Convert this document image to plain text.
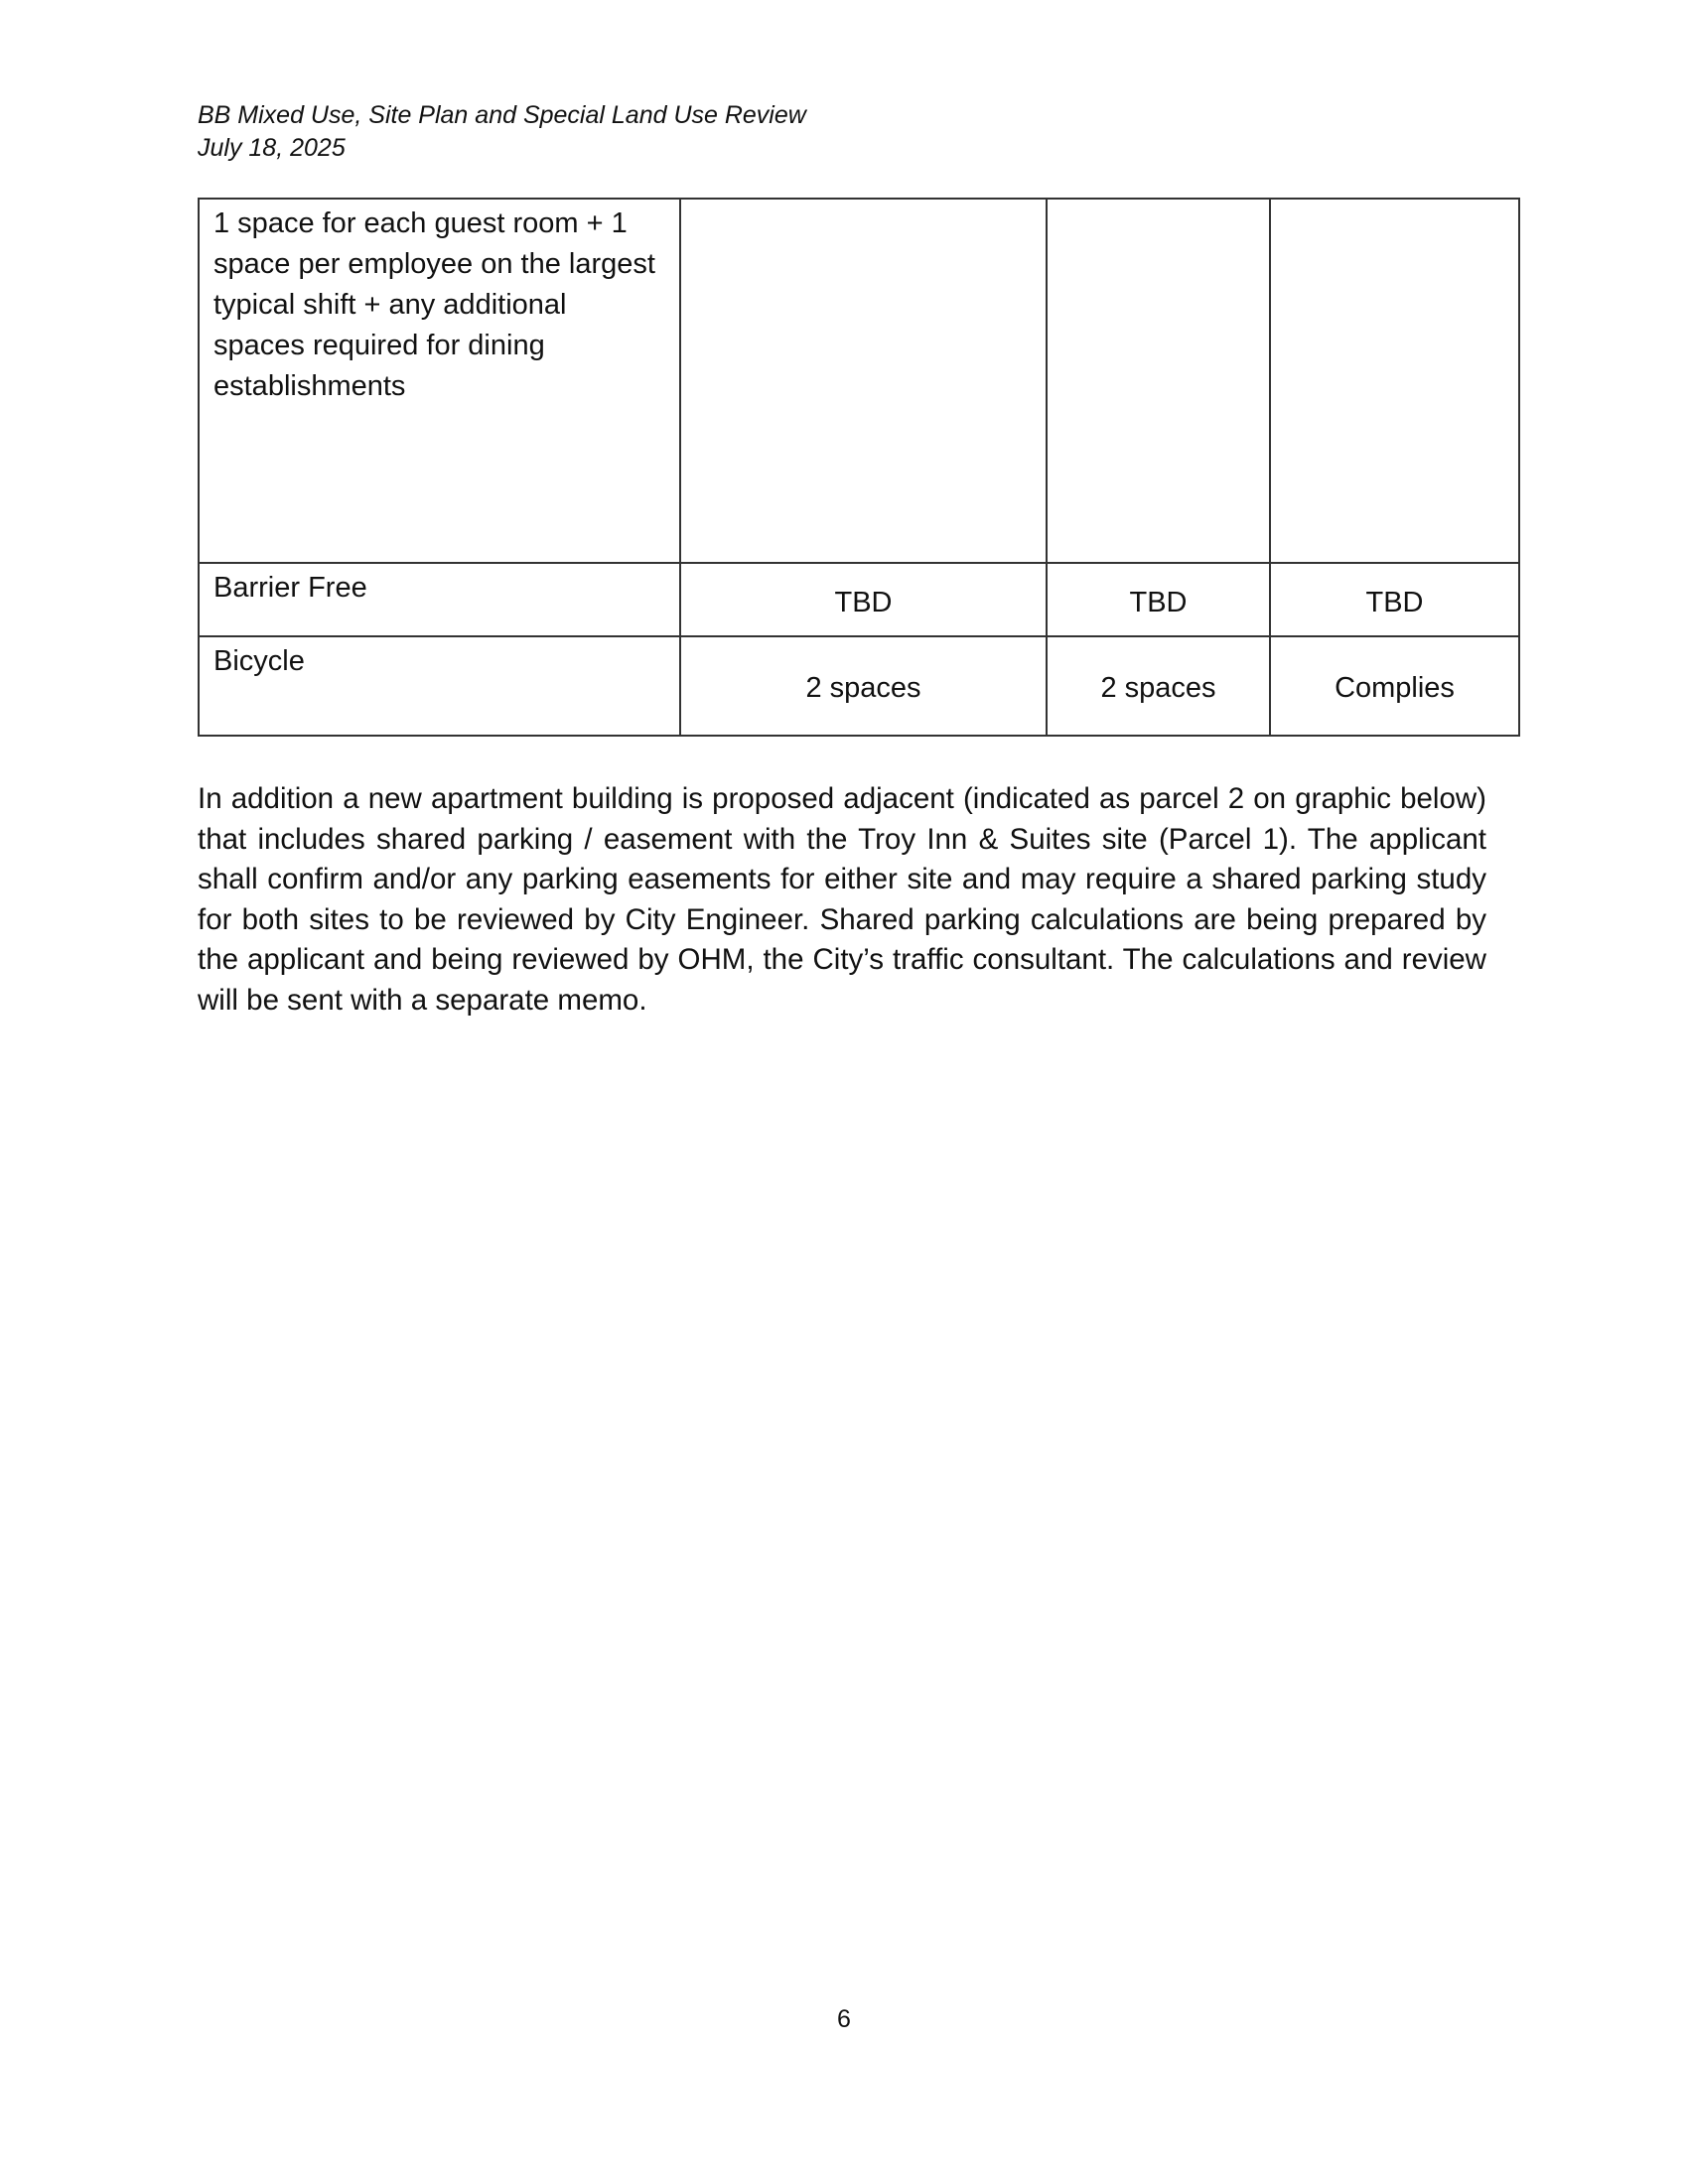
BB Mixed Use, Site Plan and Special Land Use Review
July 18, 2025
1 space for each guest room + 1 space per employee on the largest typical shift + any additional spaces required for dining establishments			
Barrier Free	TBD	TBD	TBD
Bicycle	2 spaces	2 spaces	Complies

In addition a new apartment building is proposed adjacent (indicated as parcel 2 on graphic below) that includes shared parking / easement with the Troy Inn & Suites site (Parcel 1). The applicant shall confirm and/or any parking easements for either site and may require a shared parking study for both sites to be reviewed by City Engineer. Shared parking calculations are being prepared by the applicant and being reviewed by OHM, the City’s traffic consultant. The calculations and review will be sent with a separate memo.

6
